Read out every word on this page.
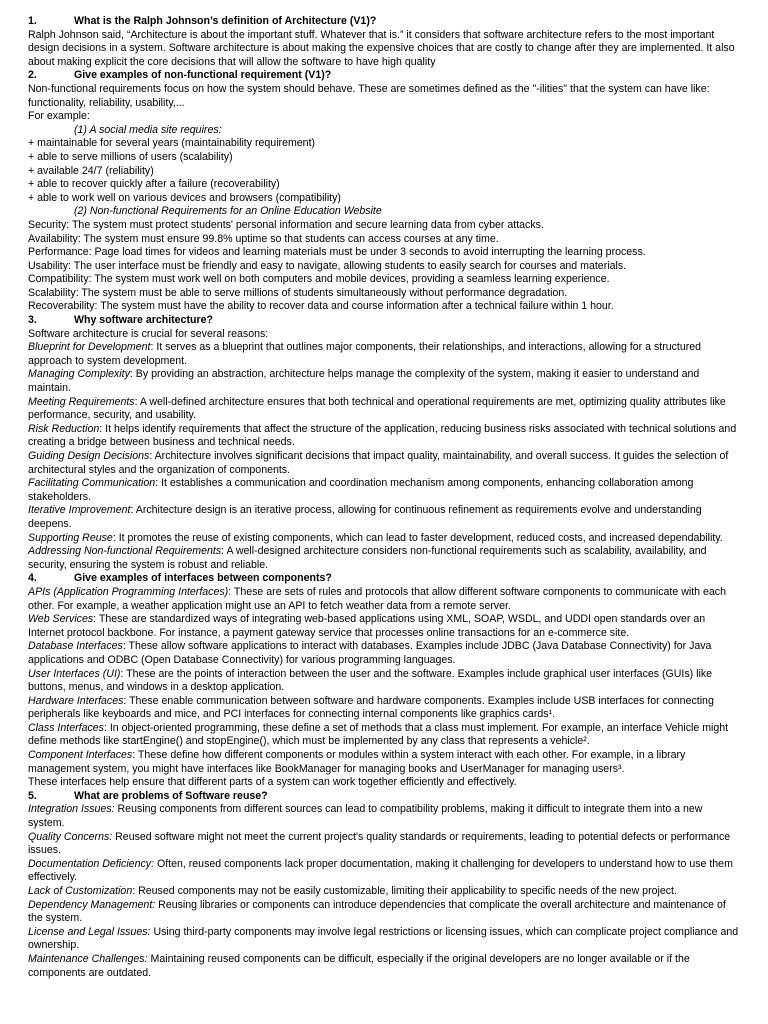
1.	What is the Ralph Johnson’s definition of Architecture (V1)?

Ralph Johnson said, “Architecture is about the important stuff. Whatever that is.” it considers that software architecture refers to the most important design decisions in a system. Software architecture is about making the expensive choices that are costly to change after they are implemented. It also about making explicit the core decisions that will allow the software to have high quality

2.	Give examples of non-functional requirement (V1)?

Non-functional requirements focus on how the system should behave. These are sometimes defined as the "-ilities" that the system can have like: functionality, reliability, usability,...

For example:

(1) A social media site requires:

+ maintainable for several years (maintainability requirement)

+ able to serve millions of users (scalability)

+ available 24/7 (reliability)

+ able to recover quickly after a failure (recoverability)

+ able to work well on various devices and browsers (compatibility)

(2) Non-functional Requirements for an Online Education Website

Security: The system must protect students' personal information and secure learning data from cyber attacks.

Availability: The system must ensure 99.8% uptime so that students can access courses at any time.

Performance: Page load times for videos and learning materials must be under 3 seconds to avoid interrupting the learning process.

Usability: The user interface must be friendly and easy to navigate, allowing students to easily search for courses and materials.

Compatibility: The system must work well on both computers and mobile devices, providing a seamless learning experience.

Scalability: The system must be able to serve millions of students simultaneously without performance degradation.

Recoverability: The system must have the ability to recover data and course information after a technical failure within 1 hour.

3.	Why software architecture?

Software architecture is crucial for several reasons:

Blueprint for Development: It serves as a blueprint that outlines major components, their relationships, and interactions, allowing for a structured approach to system development.

Managing Complexity: By providing an abstraction, architecture helps manage the complexity of the system, making it easier to understand and maintain.

Meeting Requirements: A well-defined architecture ensures that both technical and operational requirements are met, optimizing quality attributes like performance, security, and usability.

Risk Reduction: It helps identify requirements that affect the structure of the application, reducing business risks associated with technical solutions and creating a bridge between business and technical needs.

Guiding Design Decisions: Architecture involves significant decisions that impact quality, maintainability, and overall success. It guides the selection of architectural styles and the organization of components.

Facilitating Communication: It establishes a communication and coordination mechanism among components, enhancing collaboration among stakeholders.

Iterative Improvement: Architecture design is an iterative process, allowing for continuous refinement as requirements evolve and understanding deepens.

Supporting Reuse: It promotes the reuse of existing components, which can lead to faster development, reduced costs, and increased dependability.

Addressing Non-functional Requirements: A well-designed architecture considers non-functional requirements such as scalability, availability, and security, ensuring the system is robust and reliable.

4.	Give examples of interfaces between components?

APIs (Application Programming Interfaces): These are sets of rules and protocols that allow different software components to communicate with each other. For example, a weather application might use an API to fetch weather data from a remote server.

Web Services: These are standardized ways of integrating web-based applications using XML, SOAP, WSDL, and UDDI open standards over an Internet protocol backbone. For instance, a payment gateway service that processes online transactions for an e-commerce site.

Database Interfaces: These allow software applications to interact with databases. Examples include JDBC (Java Database Connectivity) for Java applications and ODBC (Open Database Connectivity) for various programming languages.

User Interfaces (UI): These are the points of interaction between the user and the software. Examples include graphical user interfaces (GUIs) like buttons, menus, and windows in a desktop application.

Hardware Interfaces: These enable communication between software and hardware components. Examples include USB interfaces for connecting peripherals like keyboards and mice, and PCI interfaces for connecting internal components like graphics cards¹.

Class Interfaces: In object-oriented programming, these define a set of methods that a class must implement. For example, an interface Vehicle might define methods like startEngine() and stopEngine(), which must be implemented by any class that represents a vehicle².

Component Interfaces: These define how different components or modules within a system interact with each other. For example, in a library management system, you might have interfaces like BookManager for managing books and UserManager for managing users³.

These interfaces help ensure that different parts of a system can work together efficiently and effectively.

5.	What are problems of Software reuse?

Integration Issues: Reusing components from different sources can lead to compatibility problems, making it difficult to integrate them into a new system.

Quality Concerns: Reused software might not meet the current project's quality standards or requirements, leading to potential defects or performance issues.

Documentation Deficiency: Often, reused components lack proper documentation, making it challenging for developers to understand how to use them effectively.

Lack of Customization: Reused components may not be easily customizable, limiting their applicability to specific needs of the new project.

Dependency Management: Reusing libraries or components can introduce dependencies that complicate the overall architecture and maintenance of the system.

License and Legal Issues: Using third-party components may involve legal restrictions or licensing issues, which can complicate project compliance and ownership.

Maintenance Challenges: Maintaining reused components can be difficult, especially if the original developers are no longer available or if the components are outdated.
